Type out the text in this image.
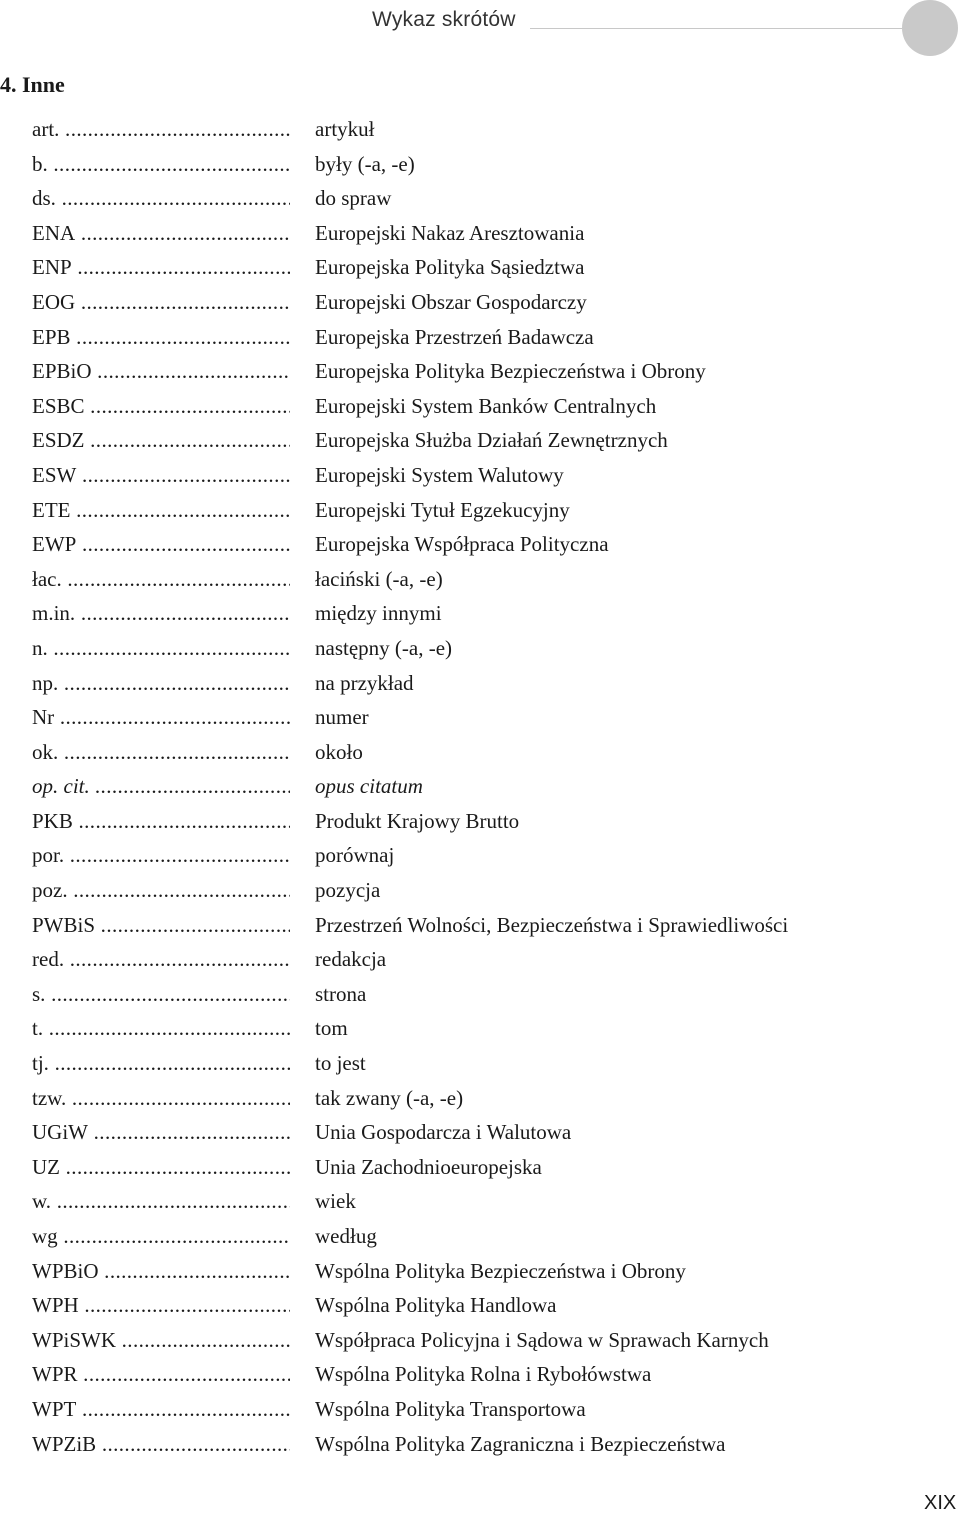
Wykaz skrótów
4. Inne
art. .....	artykuł
b. .....	były (-a, -e)
ds. .....	do spraw
ENA .....	Europejski Nakaz Aresztowania
ENP .....	Europejska Polityka Sąsiedztwa
EOG .....	Europejski Obszar Gospodarczy
EPB .....	Europejska Przestrzeń Badawcza
EPBiO .....	Europejska Polityka Bezpieczeństwa i Obrony
ESBC .....	Europejski System Banków Centralnych
ESDZ .....	Europejska Służba Działań Zewnętrznych
ESW .....	Europejski System Walutowy
ETE .....	Europejski Tytuł Egzekucyjny
EWP .....	Europejska Współpraca Polityczna
łac. .....	łaciński (-a, -e)
m.in. .....	między innymi
n. .....	następny (-a, -e)
np. .....	na przykład
Nr .....	numer
ok. .....	około
op. cit. .....	opus citatum
PKB .....	Produkt Krajowy Brutto
por. .....	porównaj
poz. .....	pozycja
PWBiS .....	Przestrzeń Wolności, Bezpieczeństwa i Sprawiedliwości
red. .....	redakcja
s. .....	strona
t. .....	tom
tj. .....	to jest
tzw. .....	tak zwany (-a, -e)
UGiW .....	Unia Gospodarcza i Walutowa
UZ .....	Unia Zachodnioeuropejska
w. .....	wiek
wg .....	według
WPBiO .....	Wspólna Polityka Bezpieczeństwa i Obrony
WPH .....	Wspólna Polityka Handlowa
WPiSWK .....	Współpraca Policyjna i Sądowa w Sprawach Karnych
WPR .....	Wspólna Polityka Rolna i Rybołówstwa
WPT .....	Wspólna Polityka Transportowa
WPZiB .....	Wspólna Polityka Zagraniczna i Bezpieczeństwa
XIX
